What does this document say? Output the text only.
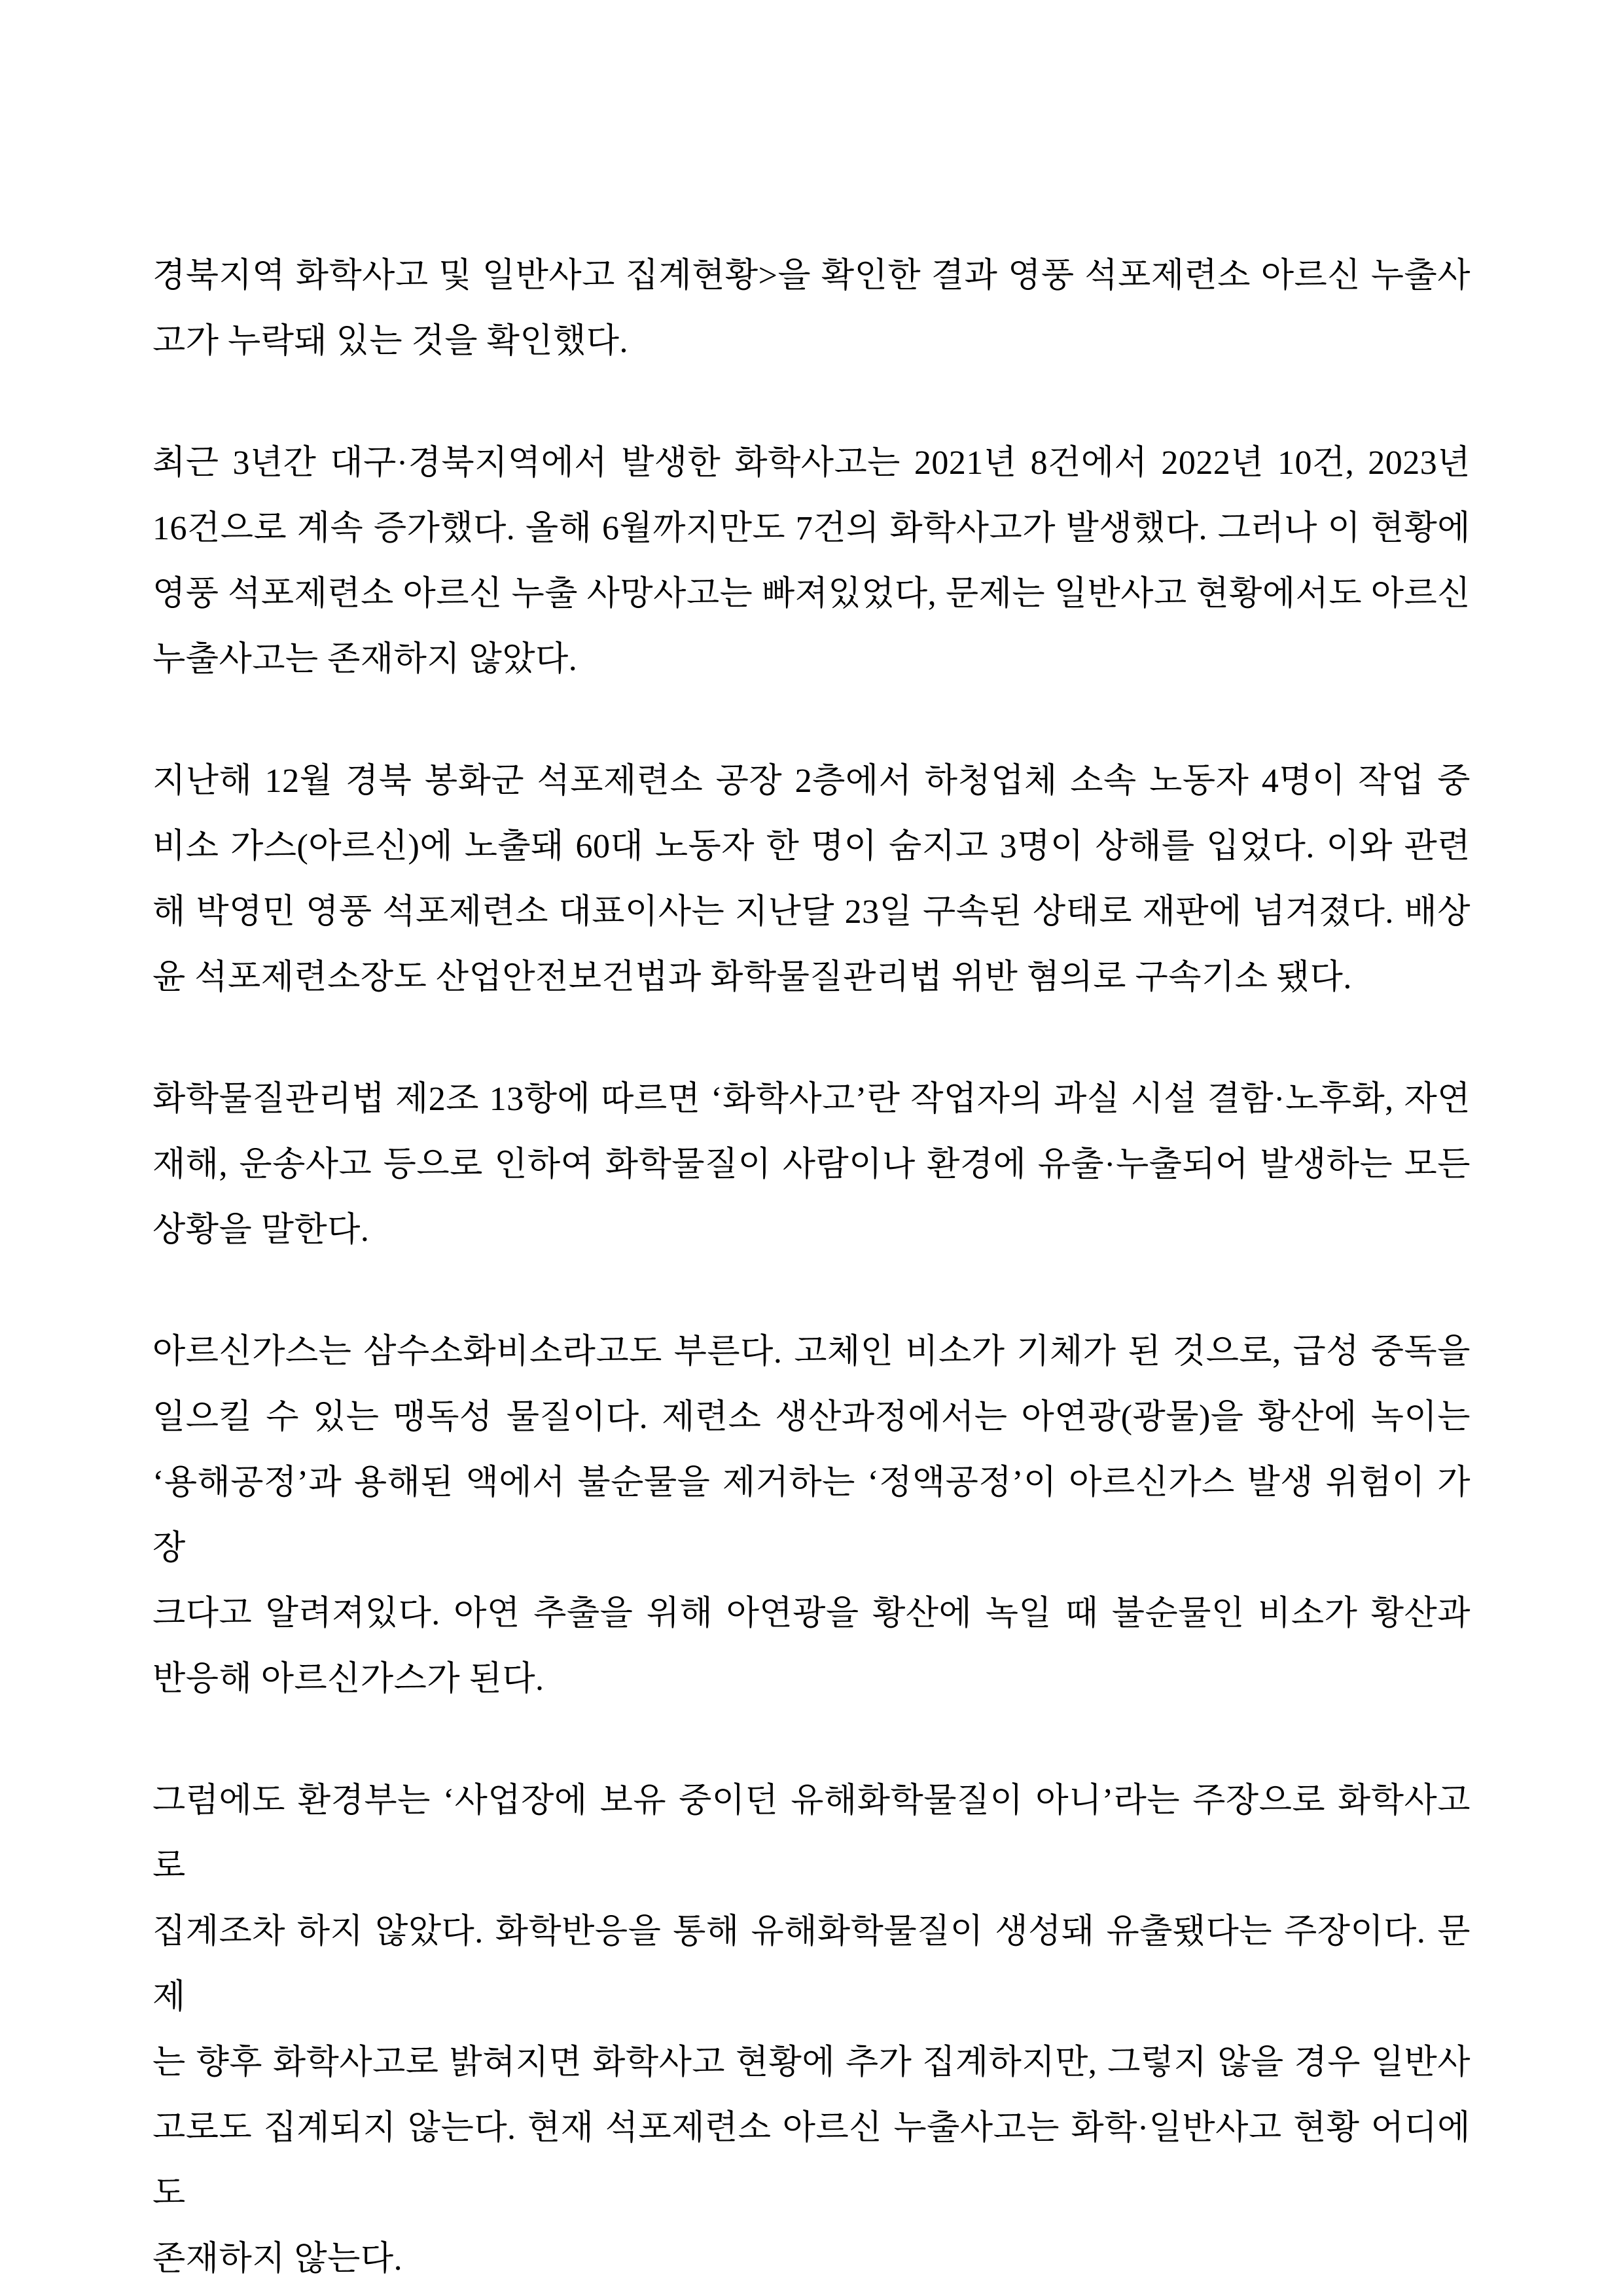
경북지역 화학사고 및 일반사고 집계현황>을 확인한 결과 영풍 석포제련소 아르신 누출사
고가 누락돼 있는 것을 확인했다.
최근 3년간 대구·경북지역에서 발생한 화학사고는 2021년 8건에서 2022년 10건, 2023년
16건으로 계속 증가했다. 올해 6월까지만도 7건의 화학사고가 발생했다. 그러나 이 현황에
영풍 석포제련소 아르신 누출 사망사고는 빠져있었다, 문제는 일반사고 현황에서도 아르신
누출사고는 존재하지 않았다.
지난해 12월 경북 봉화군 석포제련소 공장 2층에서 하청업체 소속 노동자 4명이 작업 중
비소 가스(아르신)에 노출돼 60대 노동자 한 명이 숨지고 3명이 상해를 입었다. 이와 관련
해 박영민 영풍 석포제련소 대표이사는 지난달 23일 구속된 상태로 재판에 넘겨졌다. 배상
윤 석포제련소장도 산업안전보건법과 화학물질관리법 위반 혐의로 구속기소 됐다.
화학물질관리법 제2조 13항에 따르면 ‘화학사고’란 작업자의 과실 시설 결함·노후화, 자연
재해, 운송사고 등으로 인하여 화학물질이 사람이나 환경에 유출·누출되어 발생하는 모든
상황을 말한다.
아르신가스는 삼수소화비소라고도 부른다. 고체인 비소가 기체가 된 것으로, 급성 중독을
일으킬 수 있는 맹독성 물질이다. 제련소 생산과정에서는 아연광(광물)을 황산에 녹이는
‘용해공정’과 용해된 액에서 불순물을 제거하는 ‘정액공정’이 아르신가스 발생 위험이 가장
크다고 알려져있다. 아연 추출을 위해 아연광을 황산에 녹일 때 불순물인 비소가 황산과
반응해 아르신가스가 된다.
그럼에도 환경부는 ‘사업장에 보유 중이던 유해화학물질이 아니’라는 주장으로 화학사고로
집계조차 하지 않았다. 화학반응을 통해 유해화학물질이 생성돼 유출됐다는 주장이다. 문제
는 향후 화학사고로 밝혀지면 화학사고 현황에 추가 집계하지만, 그렇지 않을 경우 일반사
고로도 집계되지 않는다. 현재 석포제련소 아르신 누출사고는 화학·일반사고 현황 어디에도
존재하지 않는다.
